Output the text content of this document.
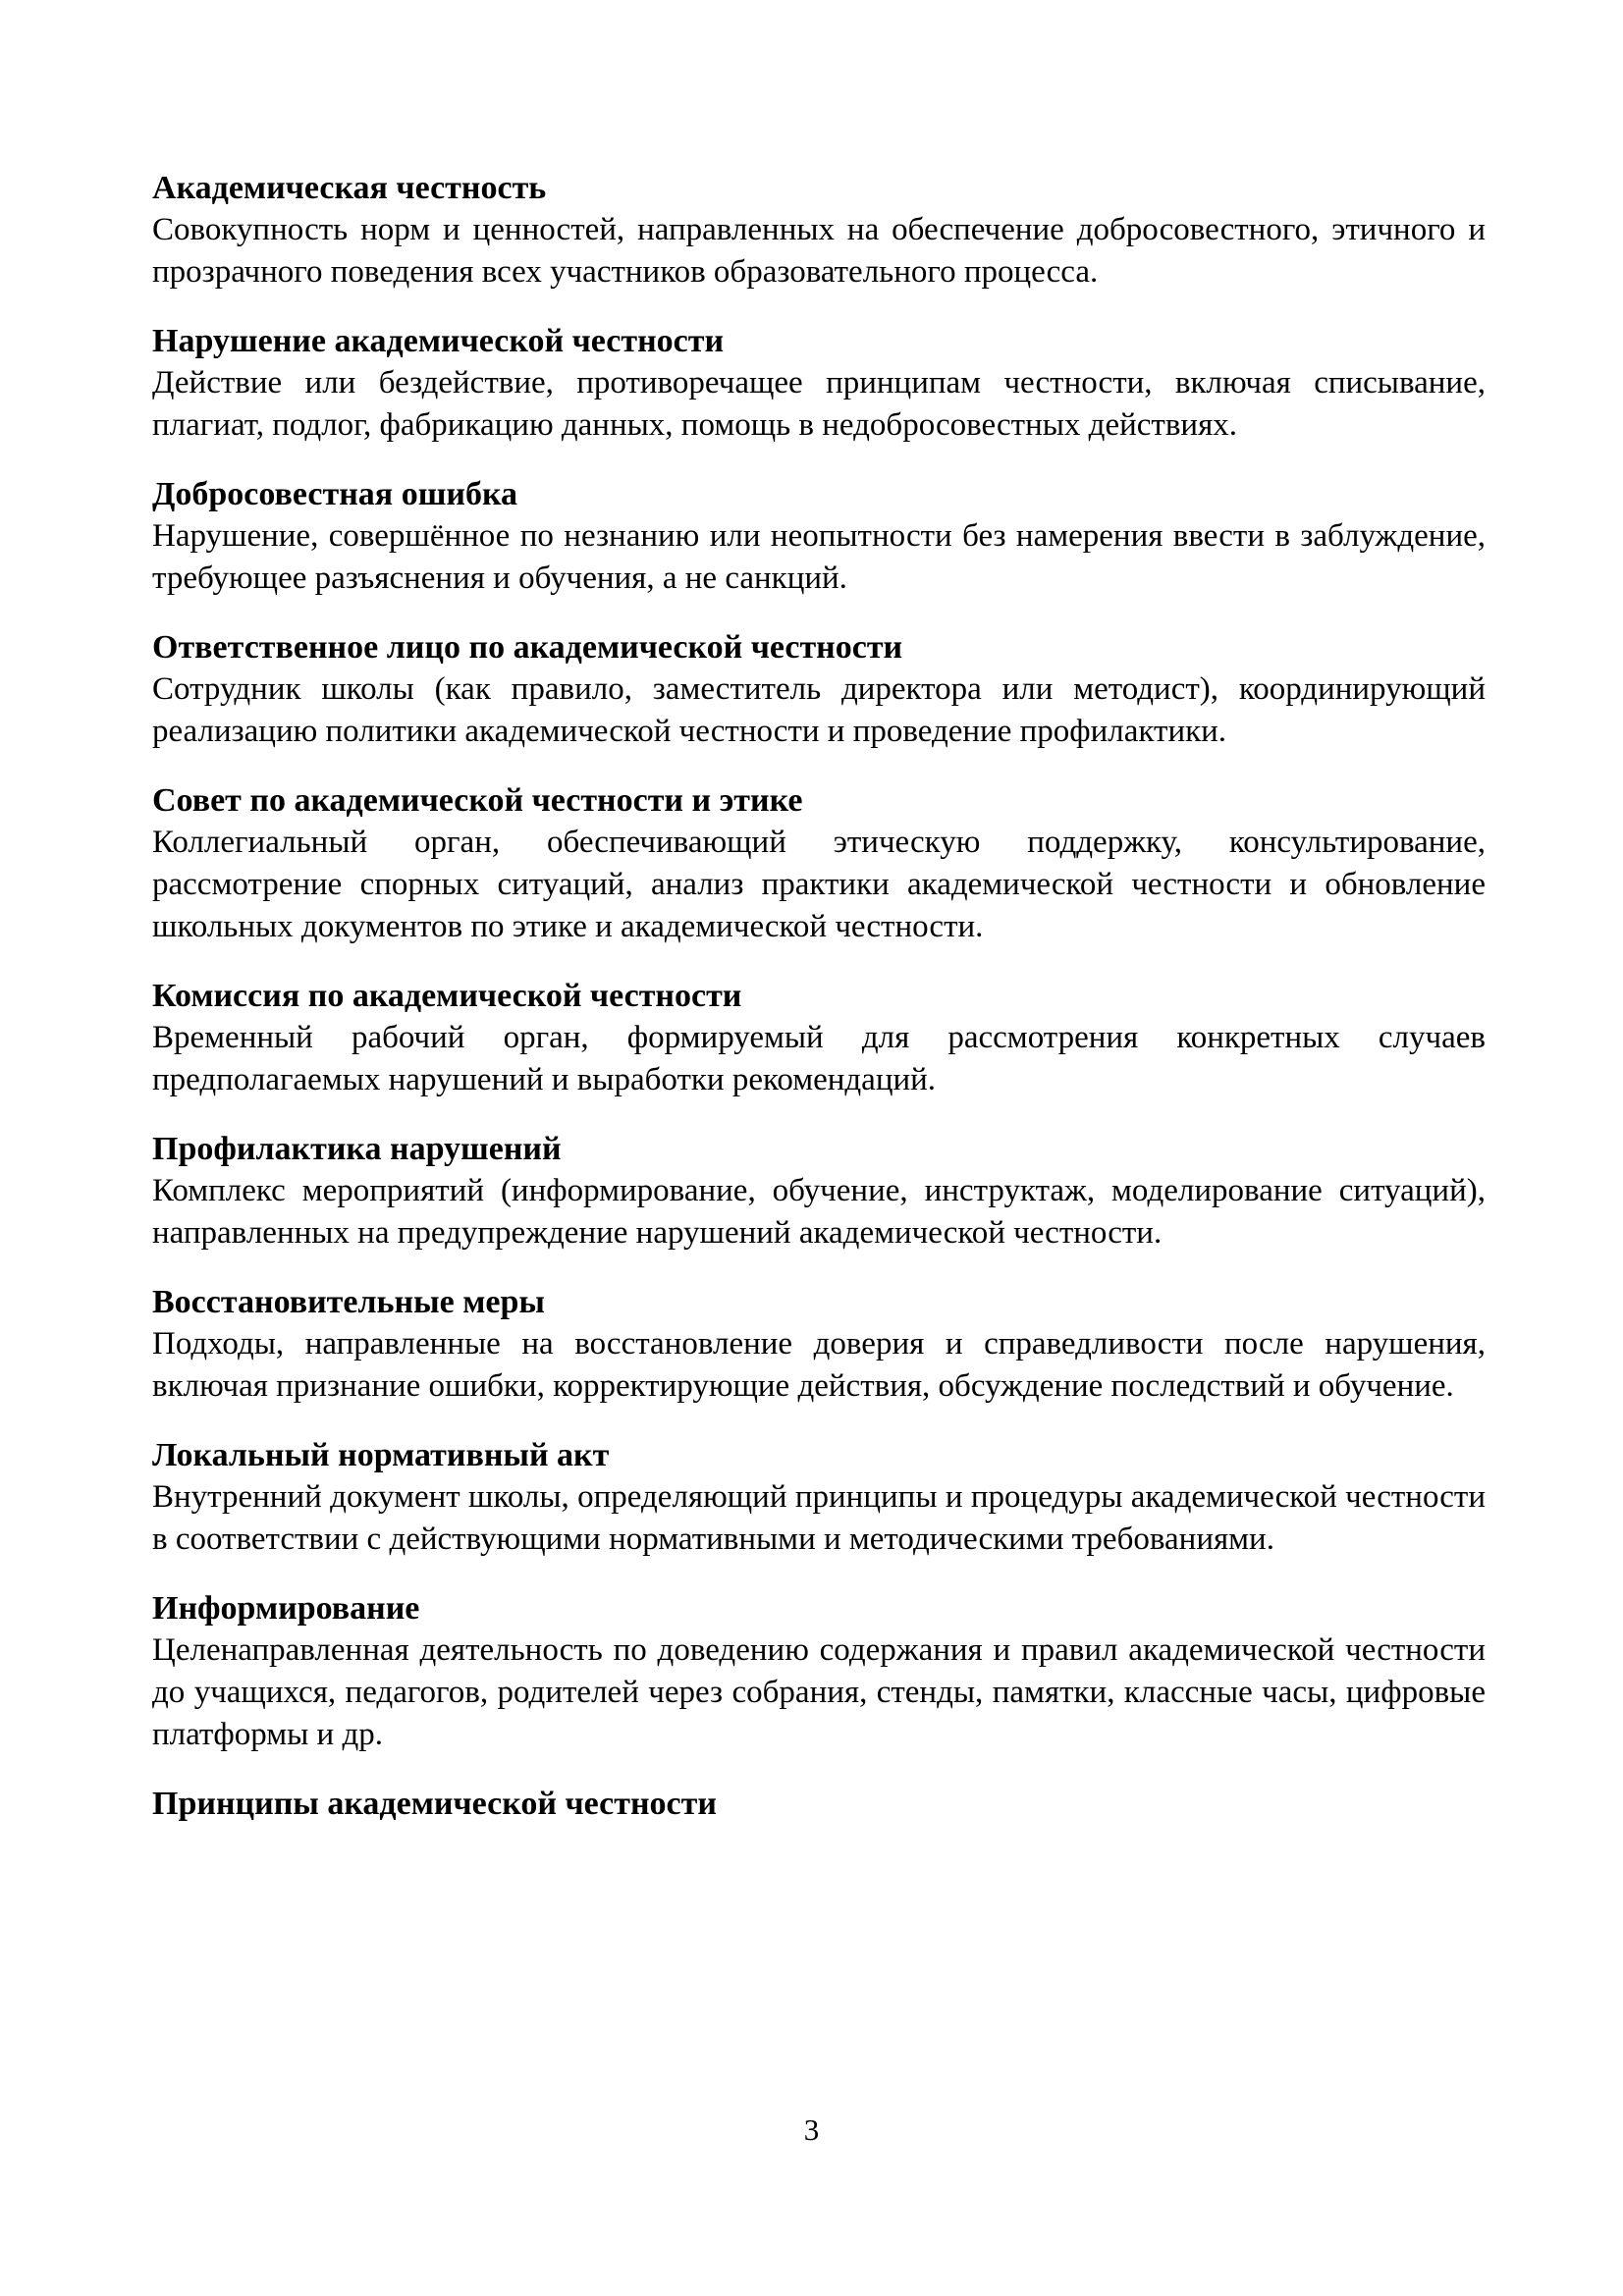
Академическая честность

Совокупность норм и ценностей, направленных на обеспечение добросовестного, этичного и прозрачного поведения всех участников образовательного процесса.

Нарушение академической честности

Действие или бездействие, противоречащее принципам честности, включая списывание, плагиат, подлог, фабрикацию данных, помощь в недобросовестных действиях.

Добросовестная ошибка

Нарушение, совершённое по незнанию или неопытности без намерения ввести в заблуждение, требующее разъяснения и обучения, а не санкций.

Ответственное лицо по академической честности

Сотрудник школы (как правило, заместитель директора или методист), координирующий реализацию политики академической честности и проведение профилактики.

Совет по академической честности и этике

Коллегиальный орган, обеспечивающий этическую поддержку, консультирование, рассмотрение спорных ситуаций, анализ практики академической честности и обновление школьных документов по этике и академической честности.

Комиссия по академической честности

Временный рабочий орган, формируемый для рассмотрения конкретных случаев предполагаемых нарушений и выработки рекомендаций.

Профилактика нарушений

Комплекс мероприятий (информирование, обучение, инструктаж, моделирование ситуаций), направленных на предупреждение нарушений академической честности.

Восстановительные меры

Подходы, направленные на восстановление доверия и справедливости после нарушения, включая признание ошибки, корректирующие действия, обсуждение последствий и обучение.

Локальный нормативный акт

Внутренний документ школы, определяющий принципы и процедуры академической честности в соответствии с действующими нормативными и методическими требованиями.

Информирование

Целенаправленная деятельность по доведению содержания и правил академической честности до учащихся, педагогов, родителей через собрания, стенды, памятки, классные часы, цифровые платформы и др.

Принципы академической честности
3
